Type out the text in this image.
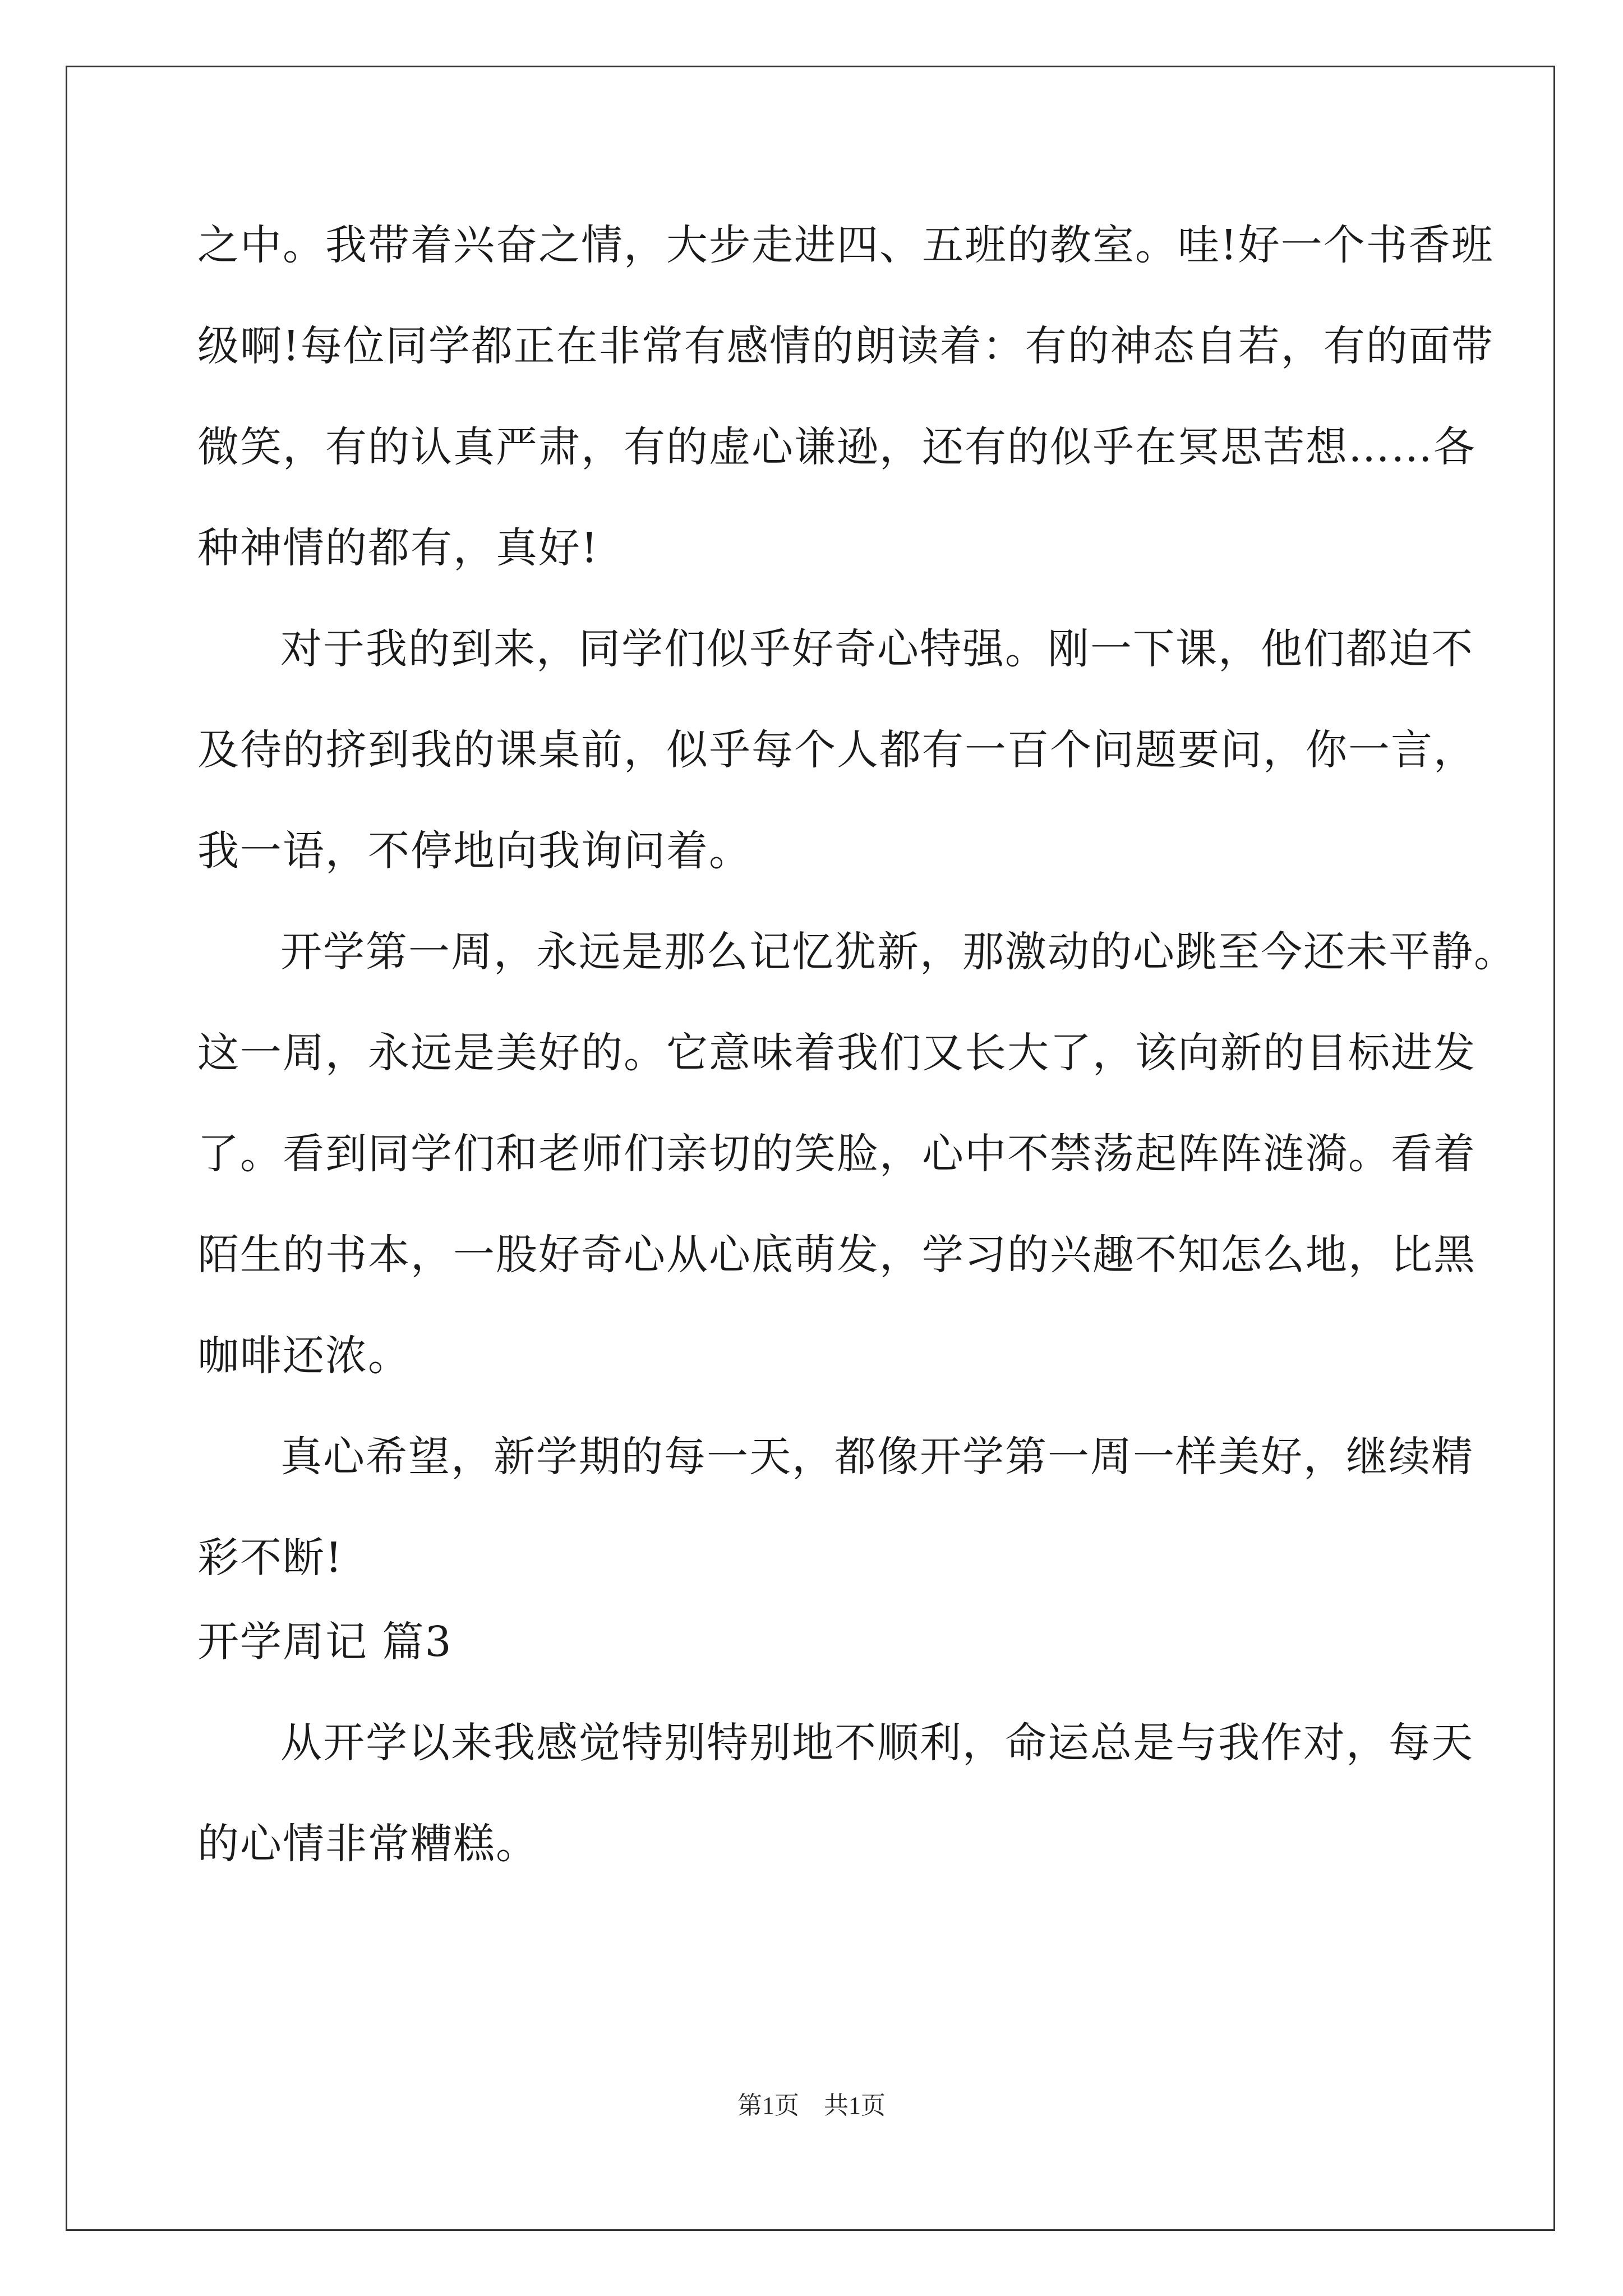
之中。我带着兴奋之情，大步走进四、五班的教室。哇!好一个书香班
级啊!每位同学都正在非常有感情的朗读着：有的神态自若，有的面带
微笑，有的认真严肃，有的虚心谦逊，还有的似乎在冥思苦想……各
种神情的都有，真好!
对于我的到来，同学们似乎好奇心特强。刚一下课，他们都迫不
及待的挤到我的课桌前，似乎每个人都有一百个问题要问，你一言，
我一语，不停地向我询问着。
开学第一周，永远是那么记忆犹新，那激动的心跳至今还未平静。
这一周，永远是美好的。它意味着我们又长大了，该向新的目标进发
了。看到同学们和老师们亲切的笑脸，心中不禁荡起阵阵涟漪。看着
陌生的书本，一股好奇心从心底萌发，学习的兴趣不知怎么地，比黑
咖啡还浓。
真心希望，新学期的每一天，都像开学第一周一样美好，继续精
彩不断!
开学周记 篇3
从开学以来我感觉特别特别地不顺利，命运总是与我作对，每天
的心情非常糟糕。
第1页 共1页
